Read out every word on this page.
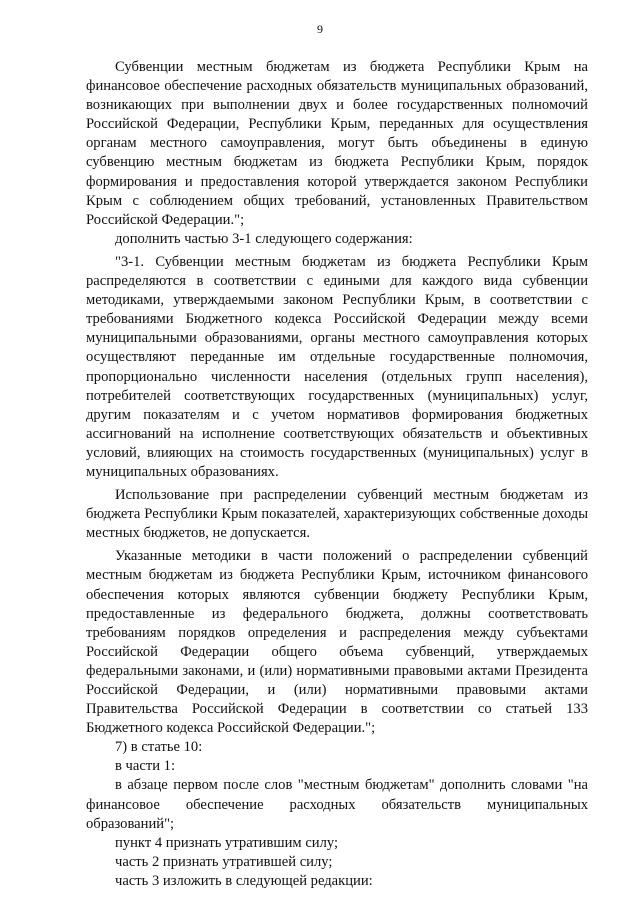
9

Субвенции местным бюджетам из бюджета Республики Крым на финансовое обеспечение расходных обязательств муниципальных образований, возникающих при выполнении двух и более государственных полномочий Российской Федерации, Республики Крым, переданных для осуществления органам местного самоуправления, могут быть объединены в единую субвенцию местным бюджетам из бюджета Республики Крым, порядок формирования и предоставления которой утверждается законом Республики Крым с соблюдением общих требований, установленных Правительством Российской Федерации.";

дополнить частью 3-1 следующего содержания:

"3-1. Субвенции местным бюджетам из бюджета Республики Крым распределяются в соответствии с едиными для каждого вида субвенции методиками, утверждаемыми законом Республики Крым, в соответствии с требованиями Бюджетного кодекса Российской Федерации между всеми муниципальными образованиями, органы местного самоуправления которых осуществляют переданные им отдельные государственные полномочия, пропорционально численности населения (отдельных групп населения), потребителей соответствующих государственных (муниципальных) услуг, другим показателям и с учетом нормативов формирования бюджетных ассигнований на исполнение соответствующих обязательств и объективных условий, влияющих на стоимость государственных (муниципальных) услуг в муниципальных образованиях.

Использование при распределении субвенций местным бюджетам из бюджета Республики Крым показателей, характеризующих собственные доходы местных бюджетов, не допускается.

Указанные методики в части положений о распределении субвенций местным бюджетам из бюджета Республики Крым, источником финансового обеспечения которых являются субвенции бюджету Республики Крым, предоставленные из федерального бюджета, должны соответствовать требованиям порядков определения и распределения между субъектами Российской Федерации общего объема субвенций, утверждаемых федеральными законами, и (или) нормативными правовыми актами Президента Российской Федерации, и (или) нормативными правовыми актами Правительства Российской Федерации в соответствии со статьей 133 Бюджетного кодекса Российской Федерации.";

7) в статье 10:

в части 1:

в абзаце первом после слов "местным бюджетам" дополнить словами "на финансовое обеспечение расходных обязательств муниципальных образований";

пункт 4 признать утратившим силу;

часть 2 признать утратившей силу;

часть 3 изложить в следующей редакции:
